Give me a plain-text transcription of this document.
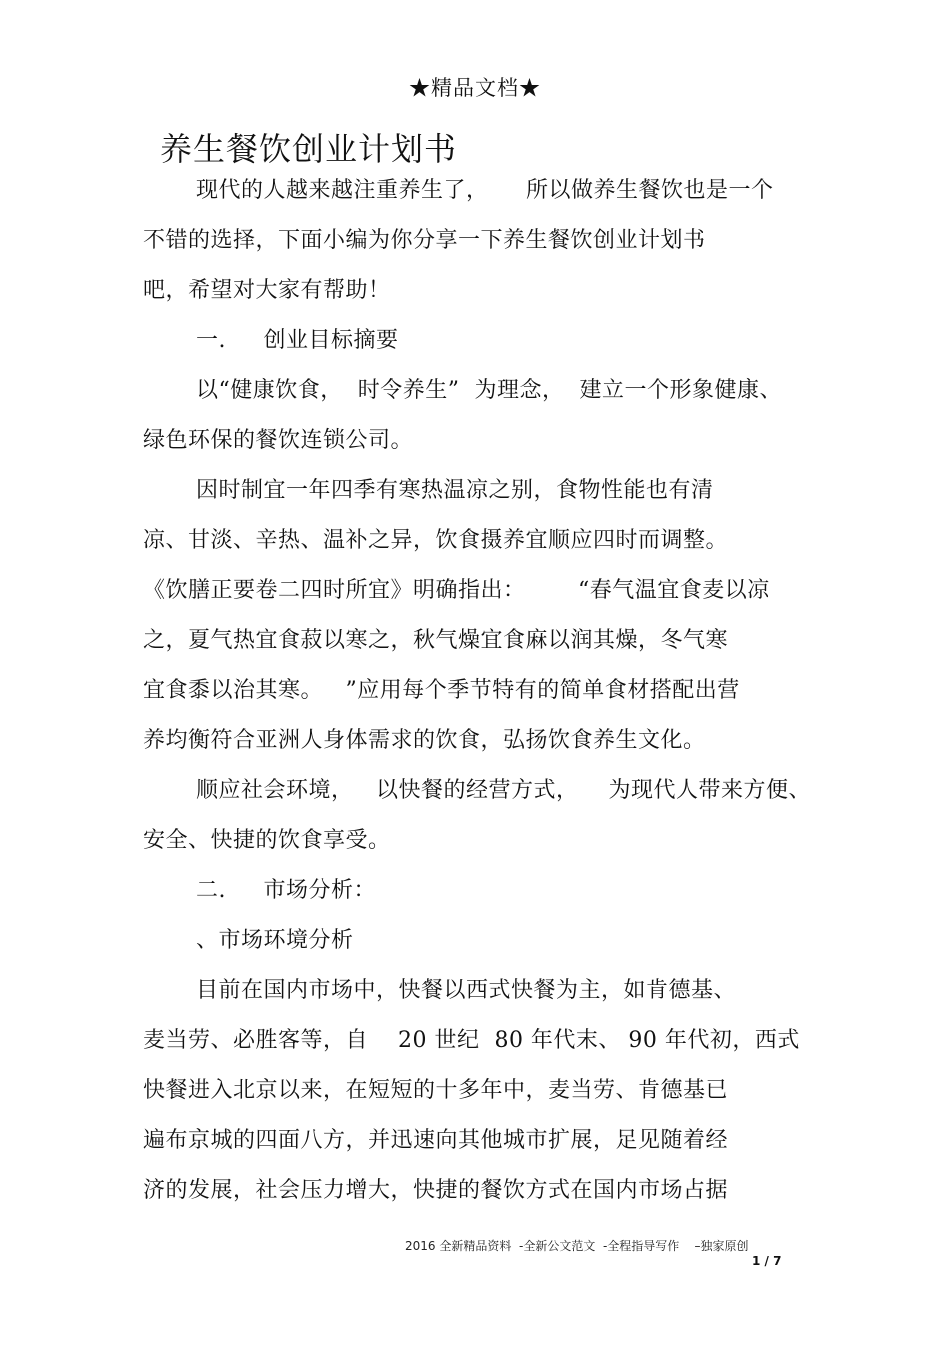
★精品文档★
养生餐饮创业计划书
现代的人越来越注重养生了，     所以做养生餐饮也是一个
不错的选择，下面小编为你分享一下养生餐饮创业计划书
吧，希望对大家有帮助！
一.     创业目标摘要
以“健康饮食，  时令养生”  为理念，  建立一个形象健康、
绿色环保的餐饮连锁公司。
因时制宜一年四季有寒热温凉之别，食物性能也有清
凉、甘淡、辛热、温补之异，饮食摄养宜顺应四时而调整。
《饮膳正要卷二四时所宜》明确指出：       “春气温宜食麦以凉
之，夏气热宜食菽以寒之，秋气燥宜食麻以润其燥，冬气寒
宜食黍以治其寒。   ”应用每个季节特有的简单食材搭配出营
养均衡符合亚洲人身体需求的饮食，弘扬饮食养生文化。
顺应社会环境，   以快餐的经营方式，    为现代人带来方便、
安全、快捷的饮食享受。
二.     市场分析：
、市场环境分析
目前在国内市场中，快餐以西式快餐为主，如肯德基、
麦当劳、必胜客等，自    20 世纪  80 年代末、 90 年代初，西式
快餐进入北京以来，在短短的十多年中，麦当劳、肯德基已
遍布京城的四面八方，并迅速向其他城市扩展，足见随着经
济的发展，社会压力增大，快捷的餐饮方式在国内市场占据
2016 全新精品资料  -全新公文范文  -全程指导写作    –独家原创
1 / 7
